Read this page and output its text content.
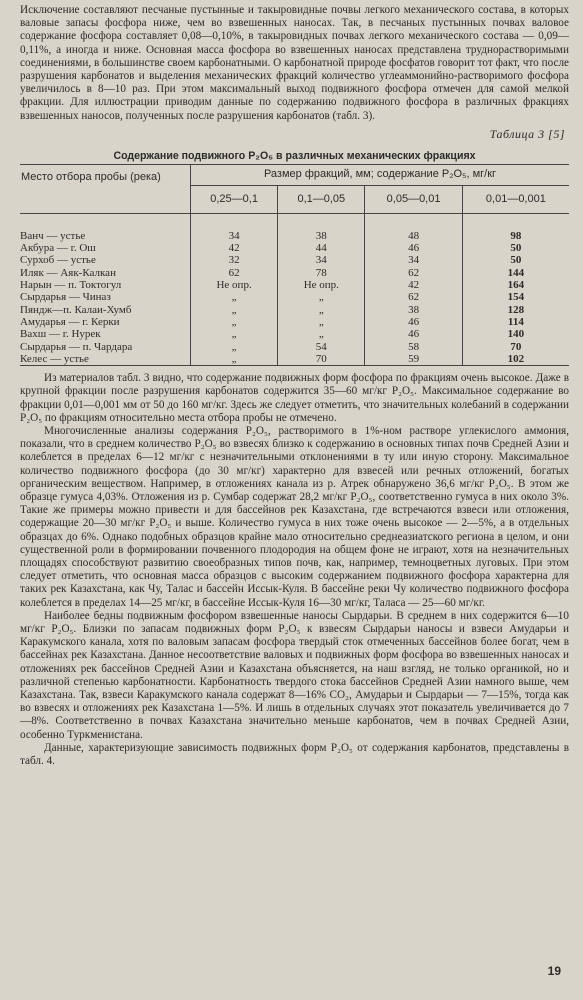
Исключение составляют песчаные пустынные и такыровидные почвы легкого механического состава, в которых валовые запасы фосфора ниже, чем во взвешенных наносах. Так, в песчаных пустынных почвах валовое содержание фосфора составляет 0,08—0,10%, в такыровидных почвах легкого механического состава — 0,09—0,11%, а иногда и ниже. Основная масса фосфора во взвешенных наносах представлена труднорастворимыми соединениями, в большинстве своем карбонатными. О карбонатной природе фосфатов говорит тот факт, что после разрушения карбонатов и выделения механических фракций количество углеаммонийно-растворимого фосфора увеличилось в 8—10 раз. При этом максимальный выход подвижного фосфора отмечен для самой мелкой фракции. Для иллюстрации приводим данные по содержанию подвижного фосфора в различных фракциях взвешенных наносов, полученных после разрушения карбонатов (табл. 3).

Таблица 3 [5]
Содержание подвижного P₂O₅ в различных механических фракциях
Место отбора пробы (река)	Размер фракций, мм; содержание P₂O₅, мг/кг			
	0,25—0,1	0,1—0,05	0,05—0,01	0,01—0,001

Ванч — устье	34	38	48	98
Акбура — г. Ош	42	44	46	50
Сурхоб — устье	32	34	34	50
Иляк — Аяк-Калкан	62	78	62	144
Нарын — п. Токтогул	Не опр.	Не опр.	42	164
Сырдарья — Чиназ	„	„	62	154
Пяндж—п. Калаи-Хумб	„	„	38	128
Амударья — г. Керки	„	„	46	114
Вахш — г. Нурек	„	„	46	140
Сырдарья — п. Чардара	„	54	58	70
Келес — устье	„	70	59	102

Из материалов табл. 3 видно, что содержание подвижных форм фосфора по фракциям очень высокое. Даже в крупной фракции после разрушения карбонатов содержится 35—60 мг/кг P₂O₅. Максимальное содержание во фракции 0,01—0,001 мм от 50 до 160 мг/кг. Здесь же следует отметить, что значительных колебаний в содержании P₂O₅ по фракциям относительно места отбора пробы не отмечено.

Многочисленные анализы содержания P₂O₅, растворимого в 1%-ном растворе углекислого аммония, показали, что в среднем количество P₂O₅ во взвесях близко к содержанию в основных типах почв Средней Азии и колеблется в пределах 6—12 мг/кг с незначительными отклонениями в ту или иную сторону. Максимальное количество подвижного фосфора (до 30 мг/кг) характерно для взвесей или речных отложений, богатых органическим веществом. Например, в отложениях канала из р. Атрек обнаружено 36,6 мг/кг P₂O₅. В этом же образце гумуса 4,03%. Отложения из р. Сумбар содержат 28,2 мг/кг P₂O₅, соответственно гумуса в них около 3%. Такие же примеры можно привести и для бассейнов рек Казахстана, где встречаются взвеси или отложения, содержащие 20—30 мг/кг P₂O₅ и выше. Количество гумуса в них тоже очень высокое — 2—5%, а в отдельных образцах до 6%. Однако подобных образцов крайне мало относительно среднеазиатского региона в целом, и они существенной роли в формировании почвенного плодородия на общем фоне не играют, хотя на незначительных площадях способствуют развитию своеобразных типов почв, как, например, темноцветных луговых. При этом следует отметить, что основная масса образцов с высоким содержанием подвижного фосфора характерна для таких рек Казахстана, как Чу, Талас и бассейн Иссык-Куля. В бассейне реки Чу количество подвижного фосфора колеблется в пределах 14—25 мг/кг, в бассейне Иссык-Куля 16—30 мг/кг, Таласа — 25—60 мг/кг.

Наиболее бедны подвижным фосфором взвешенные наносы Сырдарьи. В среднем в них содержится 6—10 мг/кг P₂O₅. Близки по запасам подвижных форм P₂O₅ к взвесям Сырдарьи наносы и взвеси Амударьи и Каракумского канала, хотя по валовым запасам фосфора твердый сток отмеченных бассейнов более богат, чем в бассейнах рек Казахстана. Данное несоответствие валовых и подвижных форм фосфора во взвешенных наносах и отложениях рек бассейнов Средней Азии и Казахстана объясняется, на наш взгляд, не только органикой, но и различной степенью карбонатности. Карбонатность твердого стока бассейнов Средней Азии намного выше, чем Казахстана. Так, взвеси Каракумского канала содержат 8—16% CO₂, Амударьи и Сырдарьи — 7—15%, тогда как во взвесях и отложениях рек Казахстана 1—5%. И лишь в отдельных случаях этот показатель увеличивается до 7—8%. Соответственно в почвах Казахстана значительно меньше карбонатов, чем в почвах Средней Азии, особенно Туркменистана.

Данные, характеризующие зависимость подвижных форм P₂O₅ от содержания карбонатов, представлены в табл. 4.

19
